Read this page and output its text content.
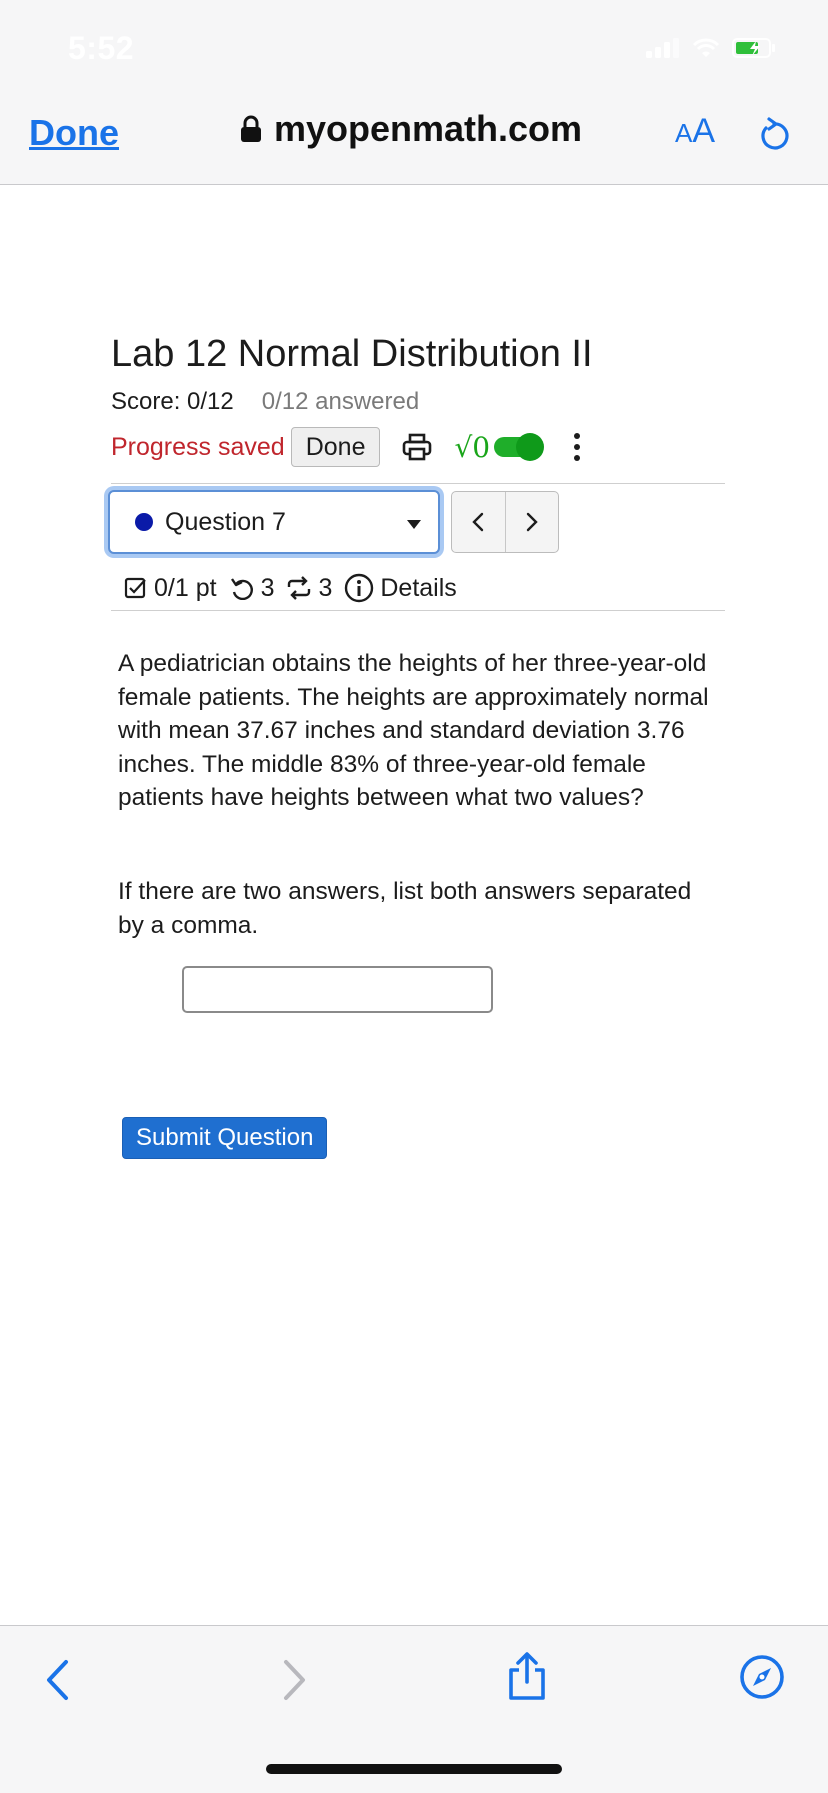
5:52
Done	myopenmath.com	AA
Lab 12 Normal Distribution II
Score: 0/12 0/12 answered
Progress saved Done	√0
Question 7
0/1 pt 3 3 Details
A pediatrician obtains the heights of her three-year-old female patients. The heights are approximately normal with mean 37.67 inches and standard deviation 3.76 inches. The middle 83% of three-year-old female patients have heights between what two values?
If there are two answers, list both answers separated by a comma.
Submit Question
